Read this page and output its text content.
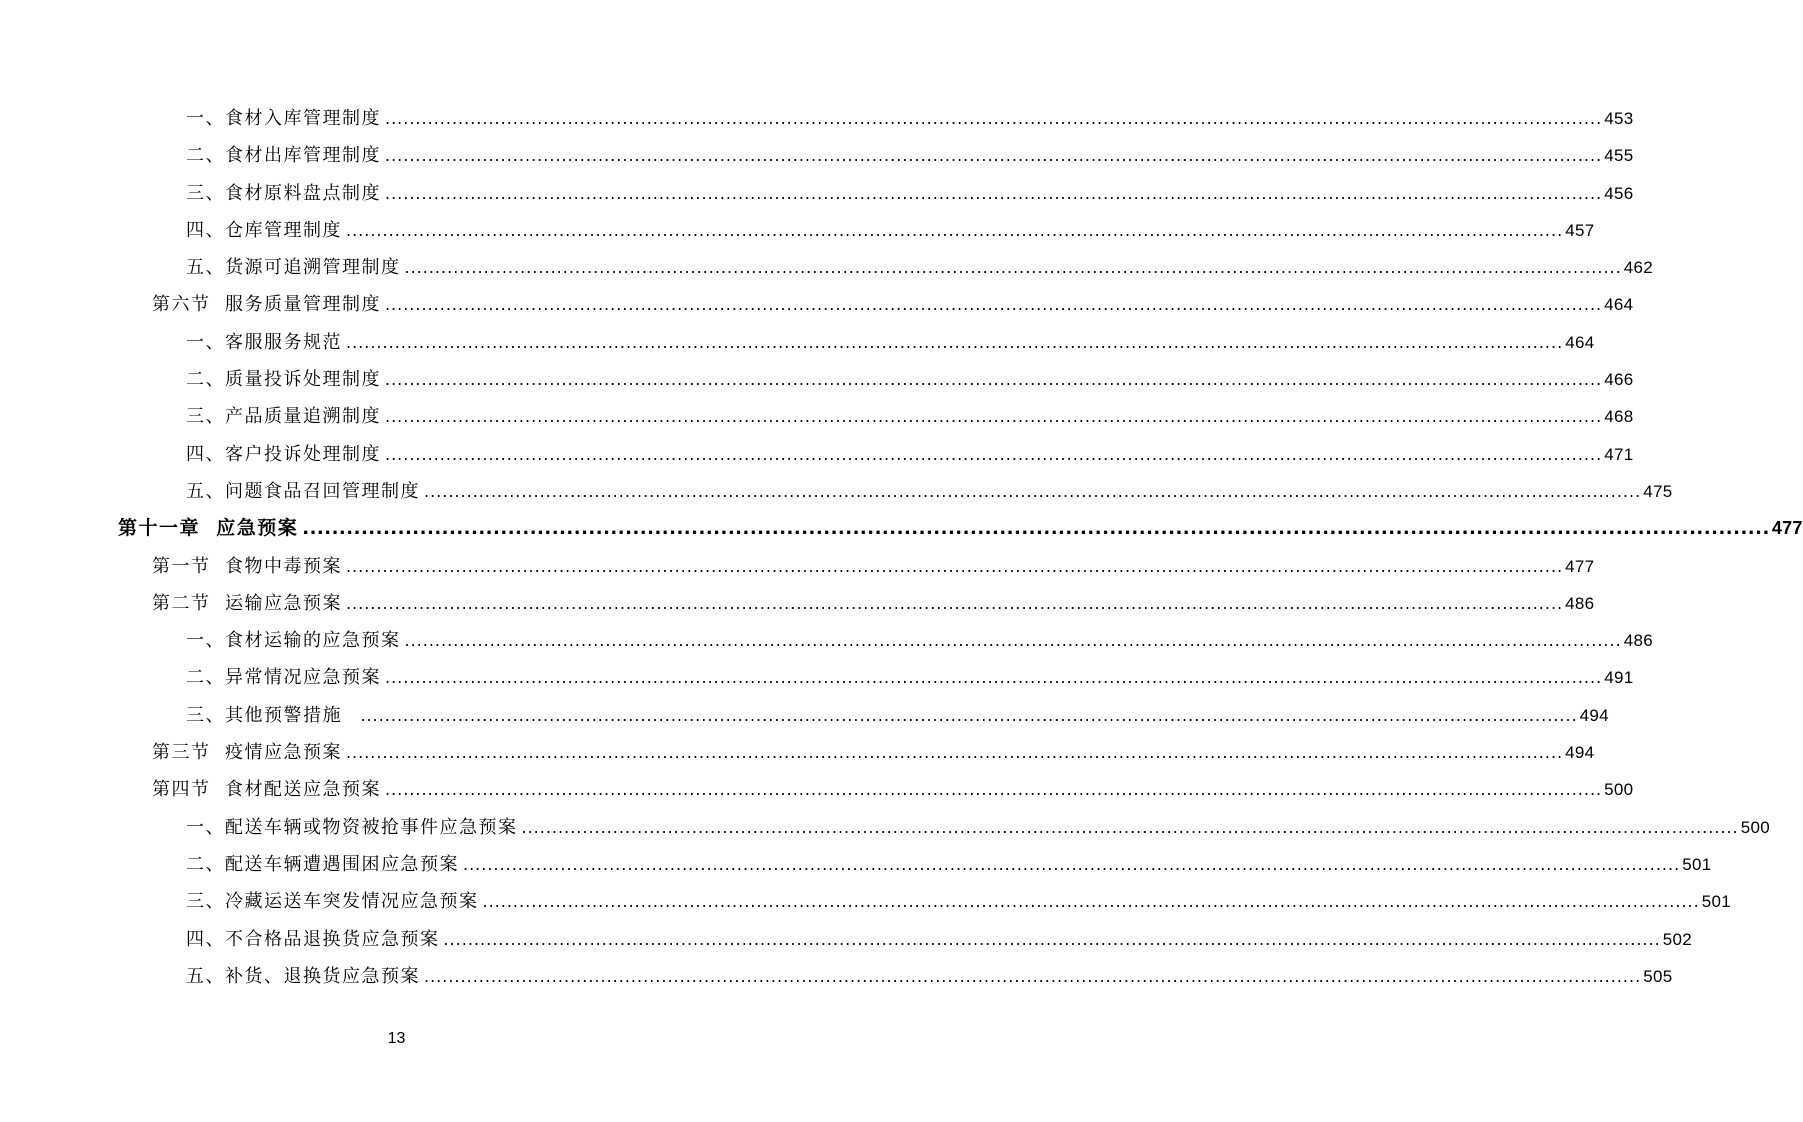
一、食材入库管理制度 ........................................................................................................................................................................................................ 453
二、食材出库管理制度 ........................................................................................................................................................................................................ 455
三、食材原料盘点制度 ........................................................................................................................................................................................................ 456
四、仓库管理制度 ........................................................................................................................................................................................................ 457
五、货源可追溯管理制度 ........................................................................................................................................................................................................ 462
第六节  服务质量管理制度 ........................................................................................................................................................................................................ 464
一、客服服务规范 ........................................................................................................................................................................................................ 464
二、质量投诉处理制度 ........................................................................................................................................................................................................ 466
三、产品质量追溯制度 ........................................................................................................................................................................................................ 468
四、客户投诉处理制度 ........................................................................................................................................................................................................ 471
五、问题食品召回管理制度 ........................................................................................................................................................................................................ 475
第十一章  应急预案 ........................................................................................................................................................................................................ 477
第一节  食物中毒预案 ........................................................................................................................................................................................................ 477
第二节  运输应急预案 ........................................................................................................................................................................................................ 486
一、食材运输的应急预案 ........................................................................................................................................................................................................ 486
二、异常情况应急预案 ........................................................................................................................................................................................................ 491
三、其他预警措施 ........................................................................................................................................................................................................ 494
第三节  疫情应急预案 ........................................................................................................................................................................................................ 494
第四节  食材配送应急预案 ........................................................................................................................................................................................................ 500
一、配送车辆或物资被抢事件应急预案 ........................................................................................................................................................................................................ 500
二、配送车辆遭遇围困应急预案 ........................................................................................................................................................................................................ 501
三、冷藏运送车突发情况应急预案 ........................................................................................................................................................................................................ 501
四、不合格品退换货应急预案 ........................................................................................................................................................................................................ 502
五、补货、退换货应急预案 ........................................................................................................................................................................................................ 505
13
